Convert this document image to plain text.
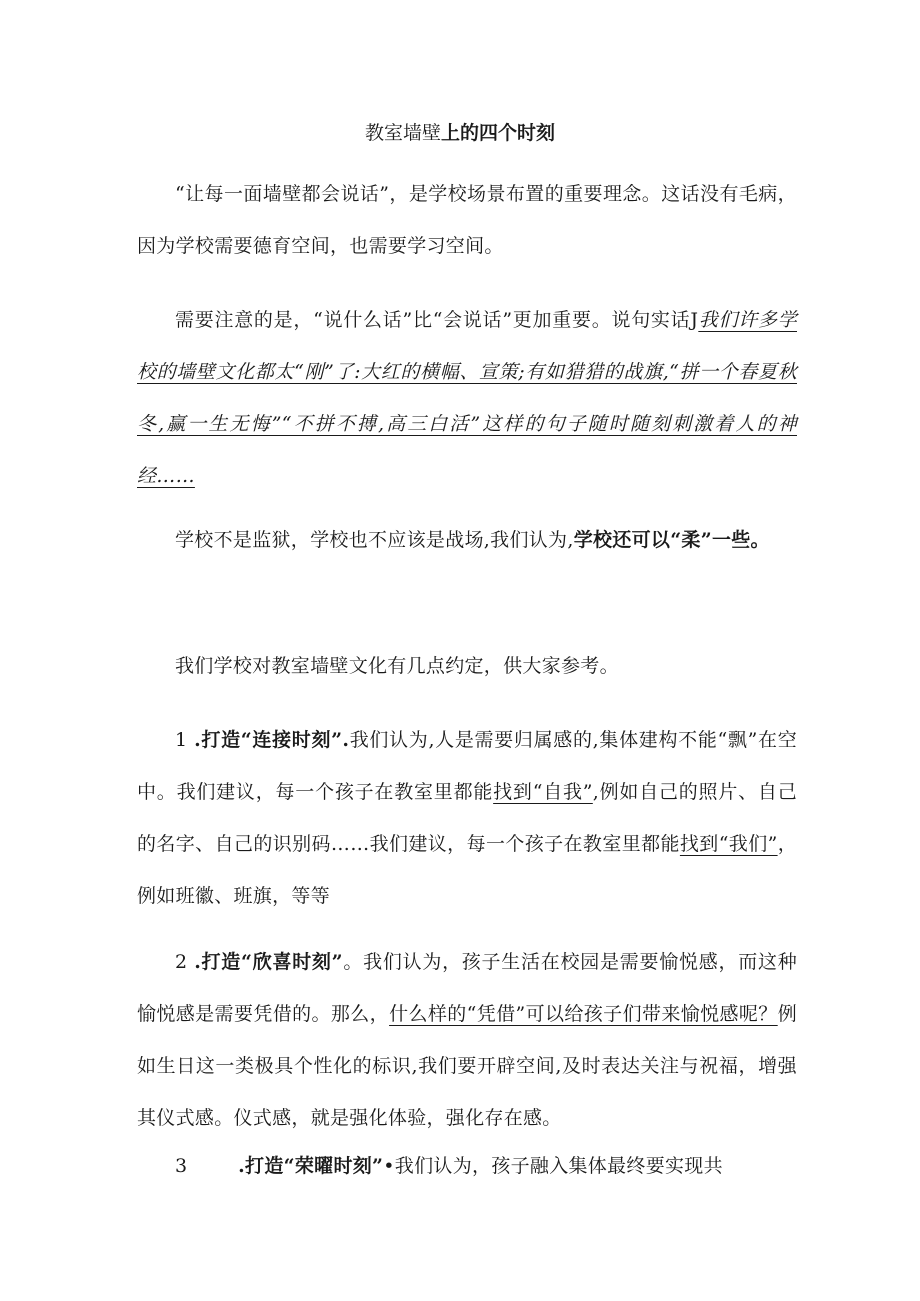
教室墙壁上的四个时刻
“让每一面墙壁都会说话”，是学校场景布置的重要理念。这话没有毛病，因为学校需要德育空间，也需要学习空间。
需要注意的是，“说什么话”比“会说话”更加重要。说句实话J我们许多学校的墙壁文化都太“刚”了:大红的横幅、宣策;有如猎猎的战旗,“拼一个春夏秋冬,赢一生无悔”“不拼不搏,高三白活”这样的句子随时随刻刺激着人的神经……
学校不是监狱，学校也不应该是战场,我们认为,学校还可以“柔”一些。
我们学校对教室墙壁文化有几点约定，供大家参考。
1 .打造“连接时刻”.我们认为,人是需要归属感的,集体建构不能“飘”在空中。我们建议，每一个孩子在教室里都能找到“自我”,例如自己的照片、自己的名字、自己的识别码……我们建议，每一个孩子在教室里都能找到“我们”，例如班徽、班旗，等等
2 .打造“欣喜时刻”。我们认为，孩子生活在校园是需要愉悦感，而这种愉悦感是需要凭借的。那么，什么样的“凭借”可以给孩子们带来愉悦感呢？例如生日这一类极具个性化的标识,我们要开辟空间,及时表达关注与祝福，增强其仪式感。仪式感，就是强化体验，强化存在感。
3	.打造“荣曜时刻”•我们认为，孩子融入集体最终要实现共
